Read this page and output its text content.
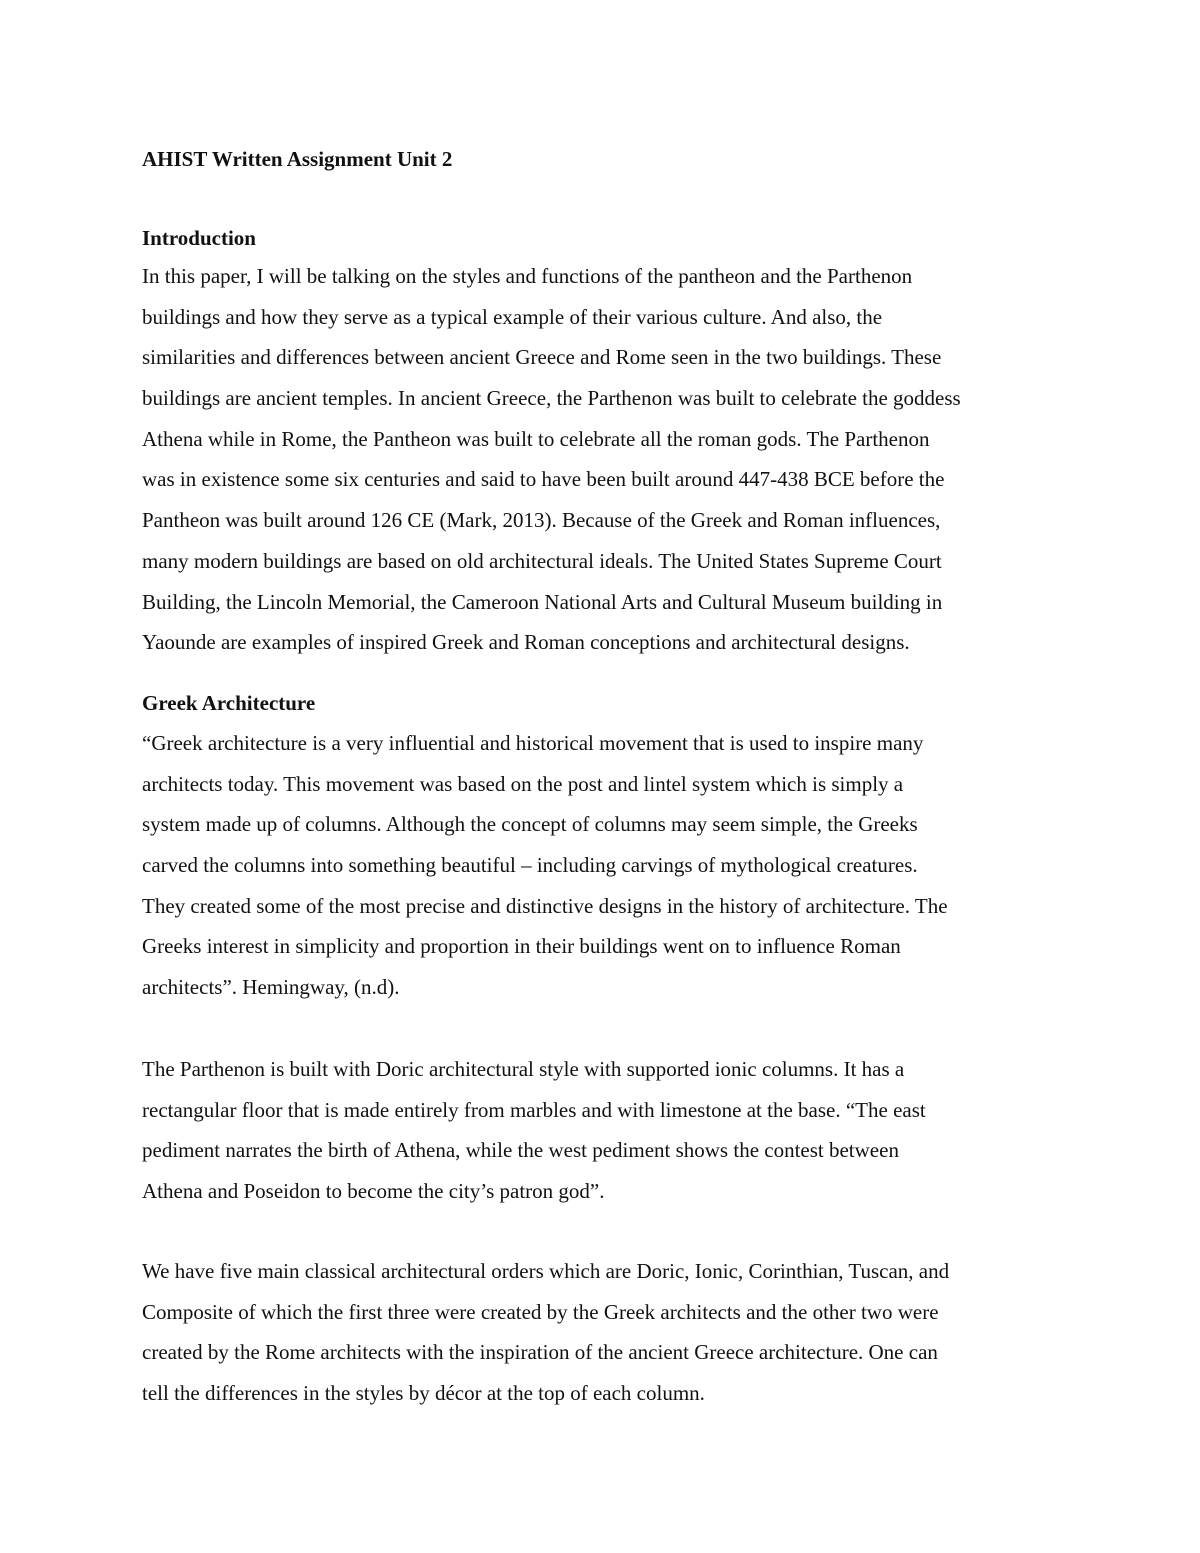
AHIST Written Assignment Unit 2
Introduction
In this paper, I will be talking on the styles and functions of the pantheon and the Parthenon
buildings and how they serve as a typical example of their various culture. And also, the
similarities and differences between ancient Greece and Rome seen in the two buildings. These
buildings are ancient temples. In ancient Greece, the Parthenon was built to celebrate the goddess
Athena while in Rome, the Pantheon was built to celebrate all the roman gods. The Parthenon
was in existence some six centuries and said to have been built around 447-438 BCE before the
Pantheon was built around 126 CE (Mark, 2013). Because of the Greek and Roman influences,
many modern buildings are based on old architectural ideals. The United States Supreme Court
Building, the Lincoln Memorial, the Cameroon National Arts and Cultural Museum building in
Yaounde are examples of inspired Greek and Roman conceptions and architectural designs.
Greek Architecture
“Greek architecture is a very influential and historical movement that is used to inspire many
architects today. This movement was based on the post and lintel system which is simply a
system made up of columns. Although the concept of columns may seem simple, the Greeks
carved the columns into something beautiful – including carvings of mythological creatures.
They created some of the most precise and distinctive designs in the history of architecture. The
Greeks interest in simplicity and proportion in their buildings went on to influence Roman
architects”. Hemingway, (n.d).
The Parthenon is built with Doric architectural style with supported ionic columns. It has a
rectangular floor that is made entirely from marbles and with limestone at the base. “The east
pediment narrates the birth of Athena, while the west pediment shows the contest between
Athena and Poseidon to become the city’s patron god”.
We have five main classical architectural orders which are Doric, Ionic, Corinthian, Tuscan, and
Composite of which the first three were created by the Greek architects and the other two were
created by the Rome architects with the inspiration of the ancient Greece architecture. One can
tell the differences in the styles by décor at the top of each column.
